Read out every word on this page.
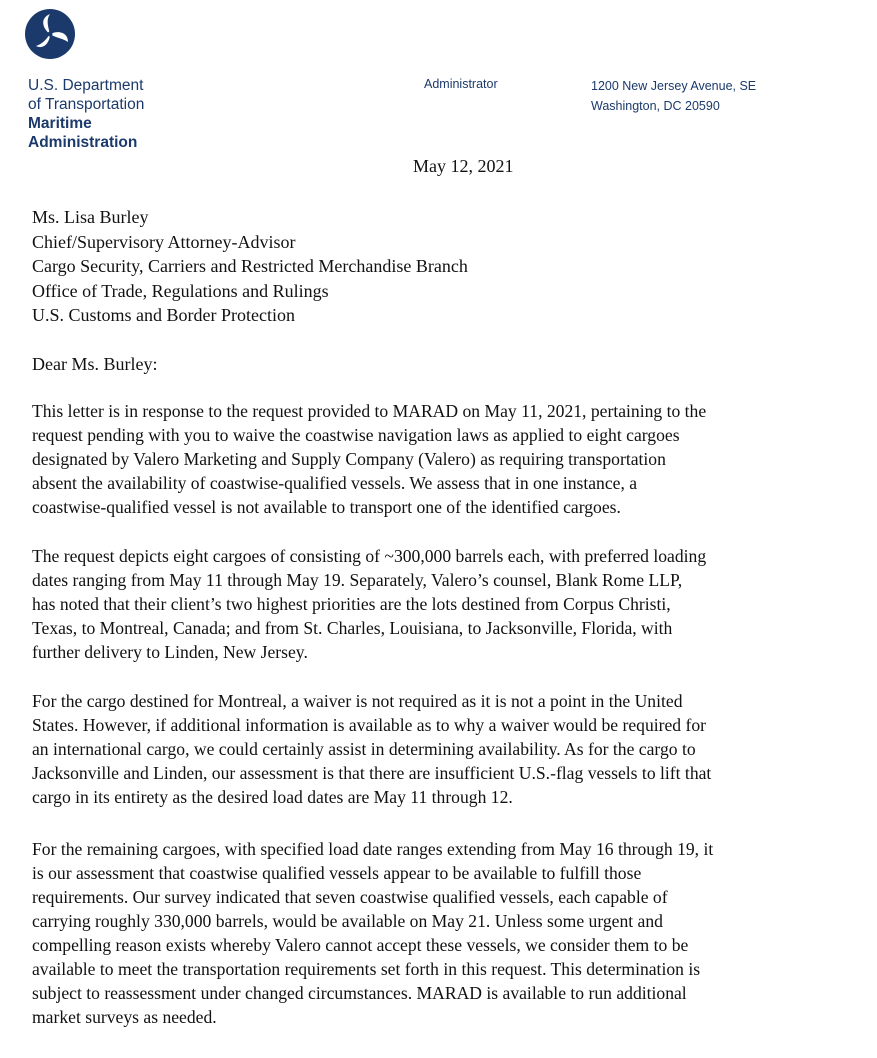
U.S. Department
of Transportation
Maritime
Administration
Administrator	1200 New Jersey Avenue, SE
Washington, DC 20590
May 12, 2021
Ms. Lisa Burley
Chief/Supervisory Attorney-Advisor
Cargo Security, Carriers and Restricted Merchandise Branch
Office of Trade, Regulations and Rulings
U.S. Customs and Border Protection
Dear Ms. Burley:
This letter is in response to the request provided to MARAD on May 11, 2021, pertaining to the
request pending with you to waive the coastwise navigation laws as applied to eight cargoes
designated by Valero Marketing and Supply Company (Valero) as requiring transportation
absent the availability of coastwise-qualified vessels. We assess that in one instance, a
coastwise-qualified vessel is not available to transport one of the identified cargoes.
The request depicts eight cargoes of consisting of ~300,000 barrels each, with preferred loading
dates ranging from May 11 through May 19. Separately, Valero’s counsel, Blank Rome LLP,
has noted that their client’s two highest priorities are the lots destined from Corpus Christi,
Texas, to Montreal, Canada; and from St. Charles, Louisiana, to Jacksonville, Florida, with
further delivery to Linden, New Jersey.
For the cargo destined for Montreal, a waiver is not required as it is not a point in the United
States. However, if additional information is available as to why a waiver would be required for
an international cargo, we could certainly assist in determining availability. As for the cargo to
Jacksonville and Linden, our assessment is that there are insufficient U.S.-flag vessels to lift that
cargo in its entirety as the desired load dates are May 11 through 12.
For the remaining cargoes, with specified load date ranges extending from May 16 through 19, it
is our assessment that coastwise qualified vessels appear to be available to fulfill those
requirements. Our survey indicated that seven coastwise qualified vessels, each capable of
carrying roughly 330,000 barrels, would be available on May 21. Unless some urgent and
compelling reason exists whereby Valero cannot accept these vessels, we consider them to be
available to meet the transportation requirements set forth in this request. This determination is
subject to reassessment under changed circumstances. MARAD is available to run additional
market surveys as needed.
